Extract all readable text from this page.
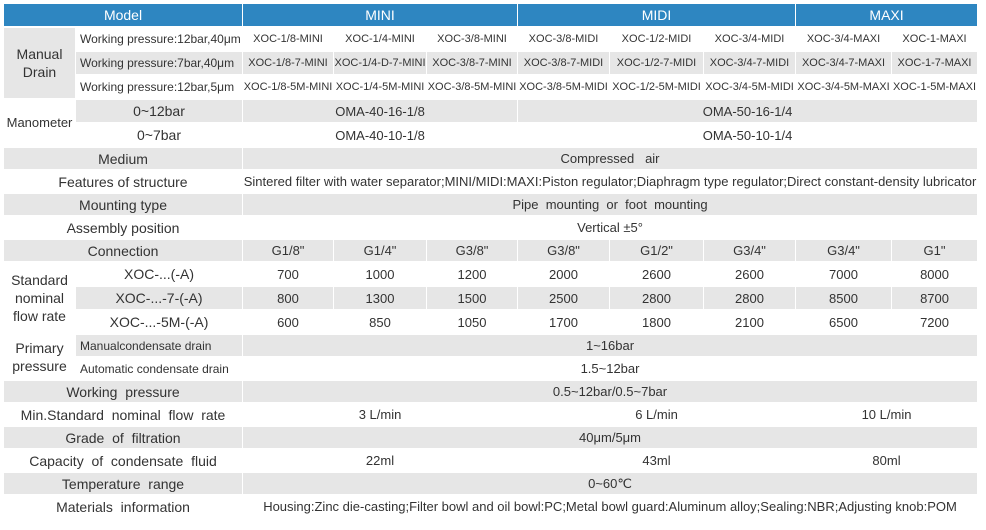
Model		MINI			MIDI			MAXI	
Manual Drain	Working pressure:12bar,40μm	XOC-1/8-MINI	XOC-1/4-MINI	XOC-3/8-MINI	XOC-3/8-MIDI	XOC-1/2-MIDI	XOC-3/4-MIDI	XOC-3/4-MAXI	XOC-1-MAXI
	Working pressure:7bar,40μm	XOC-1/8-7-MINI	XOC-1/4-D-7-MINI	XOC-3/8-7-MINI	XOC-3/8-7-MIDI	XOC-1/2-7-MIDI	XOC-3/4-7-MIDI	XOC-3/4-7-MAXI	XOC-1-7-MAXI
	Working pressure:12bar,5μm	XOC-1/8-5M-MINI	XOC-1/4-5M-MINI	XOC-3/8-5M-MINI	XOC-3/8-5M-MIDI	XOC-1/2-5M-MIDI	XOC-3/4-5M-MIDI	XOC-3/4-5M-MAXI	XOC-1-5M-MAXI
Manometer	0~12bar	OMA-40-16-1/8			OMA-50-16-1/4				
	0~7bar	OMA-40-10-1/8			OMA-50-10-1/4				
Medium		Compressed   air							
Features of structure		Sintered filter with water separator;MINI/MIDI:MAXI:Piston regulator;Diaphragm type regulator;Direct constant-density lubricator							
Mounting type		Pipe  mounting  or  foot  mounting							
Assembly position		Vertical ±5°							
Connection		G1/8"	G1/4"	G3/8"	G3/8"	G1/2"	G3/4"	G3/4"	G1"
Standard nominal flow rate	XOC-...(-A)	700	1000	1200	2000	2600	2600	7000	8000
	XOC-...-7-(-A)	800	1300	1500	2500	2800	2800	8500	8700
	XOC-...-5M-(-A)	600	850	1050	1700	1800	2100	6500	7200
Primary pressure	Manualcondensate drain	1~16bar							
	Automatic condensate drain	1.5~12bar							
Working  pressure		0.5~12bar/0.5~7bar							
Min.Standard  nominal  flow  rate		3 L/min			6 L/min			10 L/min	
Grade  of  filtration		40μm/5μm							
Capacity  of  condensate  fluid		22ml			43ml			80ml	
Temperature  range		0~60℃							
Materials  information		Housing:Zinc die-casting;Filter bowl and oil bowl:PC;Metal bowl guard:Aluminum alloy;Sealing:NBR;Adjusting knob:POM							
